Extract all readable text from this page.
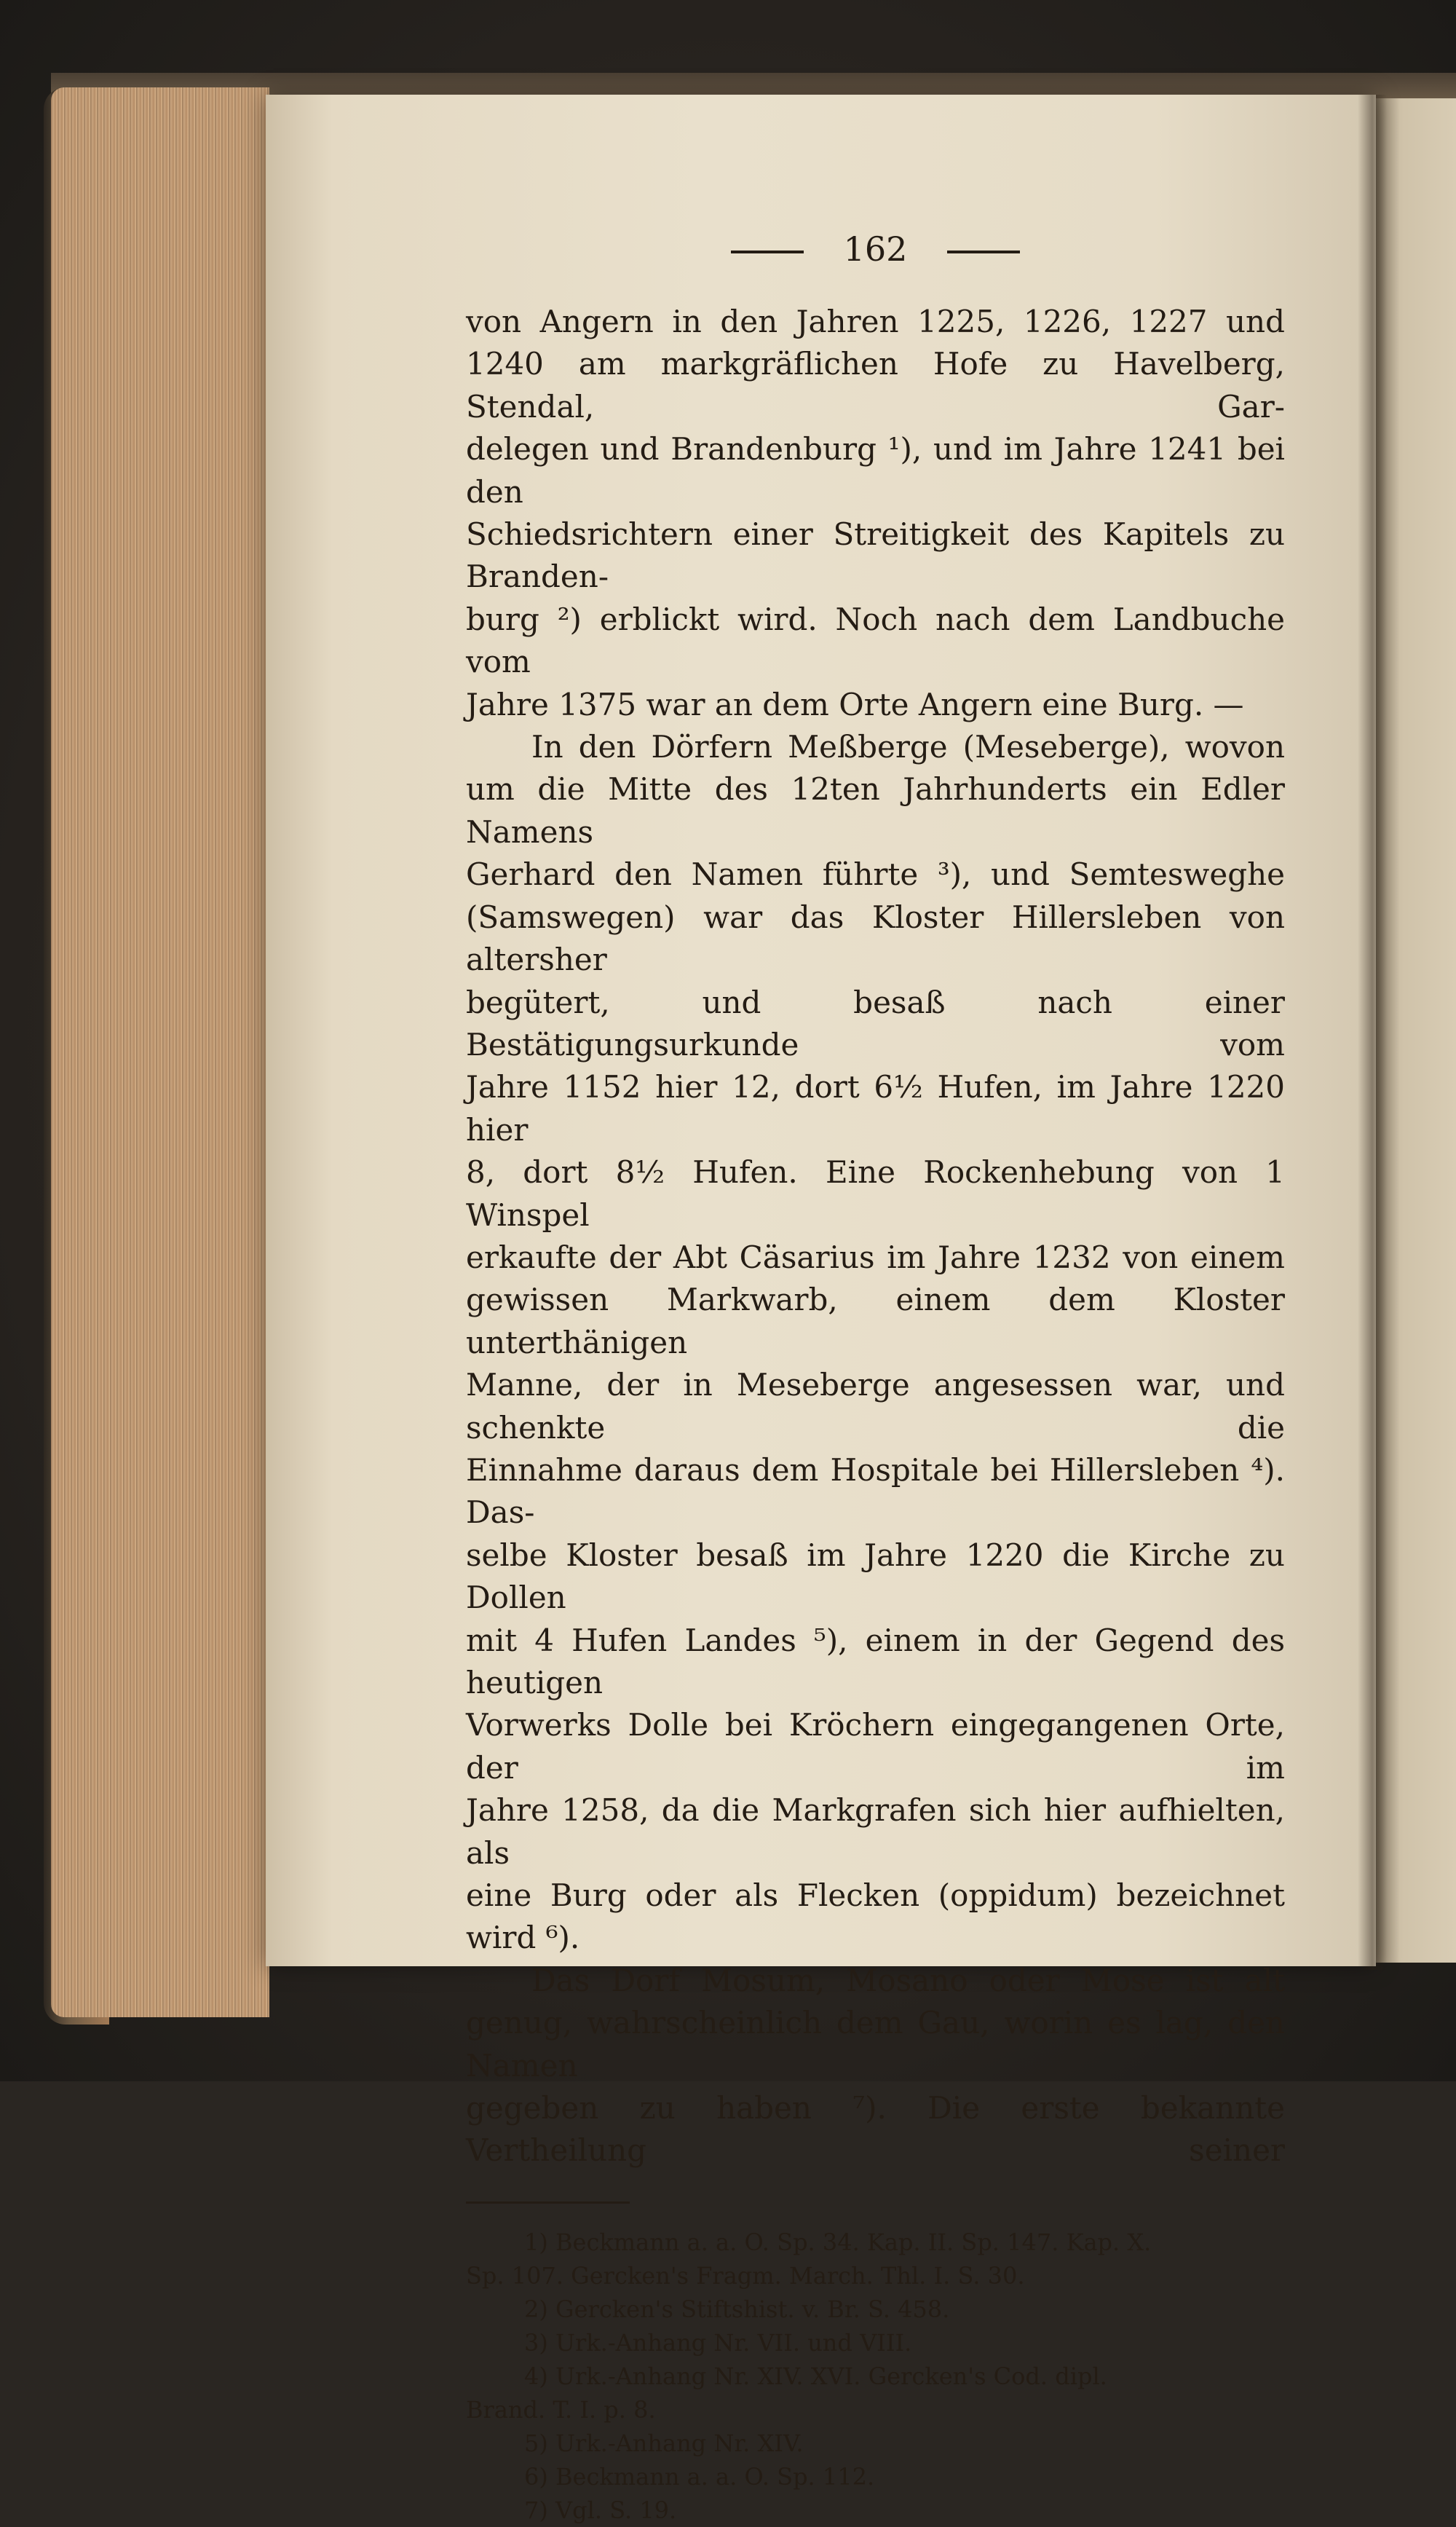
162

von Angern in den Jahren 1225, 1226, 1227 und

1240 am markgräflichen Hofe zu Havelberg, Stendal, Gar-

delegen und Brandenburg ¹), und im Jahre 1241 bei den

Schiedsrichtern einer Streitigkeit des Kapitels zu Branden-

burg ²) erblickt wird. Noch nach dem Landbuche vom

Jahre 1375 war an dem Orte Angern eine Burg. —

In den Dörfern Meßberge (Meseberge), wovon

um die Mitte des 12ten Jahrhunderts ein Edler Namens

Gerhard den Namen führte ³), und Semtesweghe

(Samswegen) war das Kloster Hillersleben von altersher

begütert, und besaß nach einer Bestätigungsurkunde vom

Jahre 1152 hier 12, dort 6½ Hufen, im Jahre 1220 hier

8, dort 8½ Hufen. Eine Rockenhebung von 1 Winspel

erkaufte der Abt Cäsarius im Jahre 1232 von einem

gewissen Markwarb, einem dem Kloster unterthänigen

Manne, der in Meseberge angesessen war, und schenkte die

Einnahme daraus dem Hospitale bei Hillersleben ⁴). Das-

selbe Kloster besaß im Jahre 1220 die Kirche zu Dollen

mit 4 Hufen Landes ⁵), einem in der Gegend des heutigen

Vorwerks Dolle bei Kröchern eingegangenen Orte, der im

Jahre 1258, da die Markgrafen sich hier aufhielten, als

eine Burg oder als Flecken (oppidum) bezeichnet wird ⁶).

Das Dorf Mosum, Mosano oder Mose ist alt

genug, wahrscheinlich dem Gau, worin es lag, den Namen

gegeben zu haben ⁷). Die erste bekannte Vertheilung seiner

1) Beckmann a. a. O. Sp. 34. Kap. II. Sp. 147. Kap. X.

Sp. 107. Gercken's Fragm. March. Thl. I. S. 30.

2) Gercken's Stiftshist. v. Br. S. 458.

3) Urk.-Anhang Nr. VII. und VIII.

4) Urk.-Anhang Nr. XIV. XVI. Gercken's Cod. dipl.

Brand. T. I. p. 8.

5) Urk.-Anhang Nr. XIV.

6) Beckmann a. a. O. Sp. 112.

7) Vgl. S. 19.
